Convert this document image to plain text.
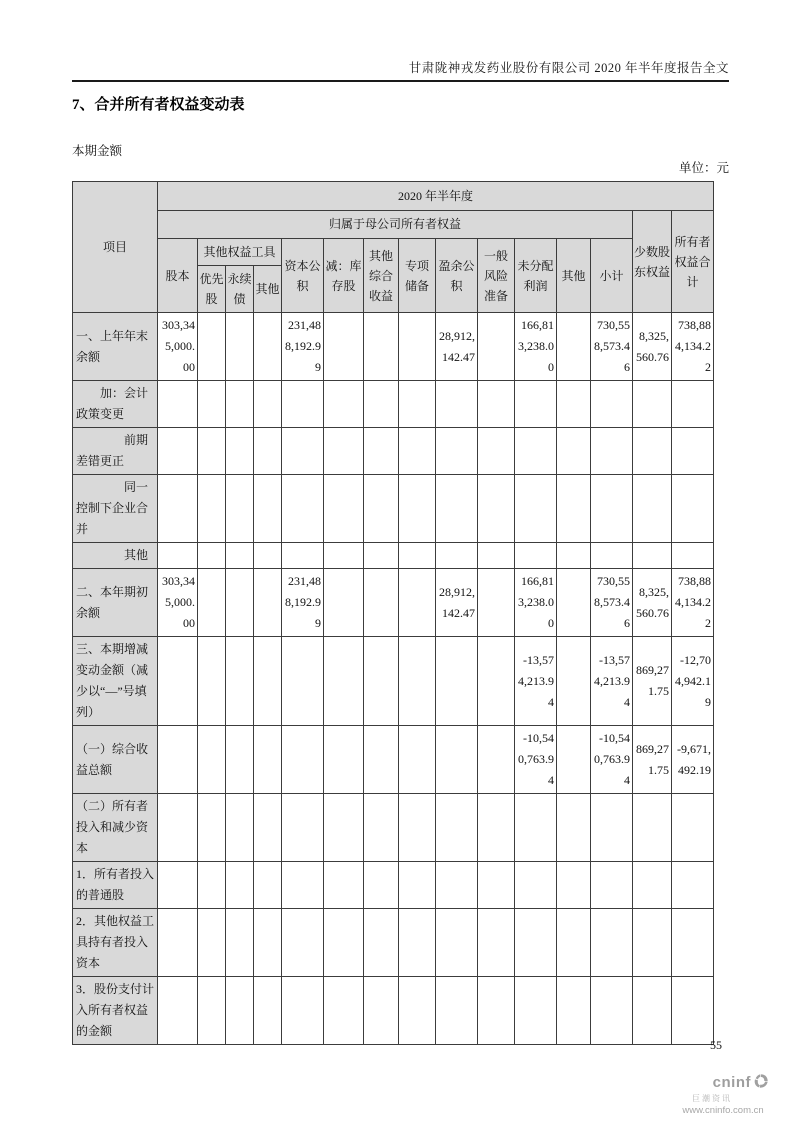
甘肃陇神戎发药业股份有限公司 2020 年半年度报告全文
7、合并所有者权益变动表
本期金额
单位：元
项目	2020 年半年度														
	归属于母公司所有者权益													少数股东权益	所有者权益合计
	股本	其他权益工具			资本公积	减：库存股	其他综合收益	专项储备	盈余公积	一般风险准备	未分配利润	其他	小计		
		优先股	永续债	其他											
一、上年年末余额	303,345,000.00				231,488,192.99				28,912,142.47		166,813,238.00		730,558,573.46	8,325,560.76	738,884,134.22
加：会计政策变更															
前期差错更正															
同一控制下企业合并															
其他															
二、本年期初余额	303,345,000.00				231,488,192.99				28,912,142.47		166,813,238.00		730,558,573.46	8,325,560.76	738,884,134.22
三、本期增减变动金额（减少以“—”号填列）											-13,574,213.94		-13,574,213.94	869,271.75	-12,704,942.19
（一）综合收益总额											-10,540,763.94		-10,540,763.94	869,271.75	-9,671,492.19
（二）所有者投入和减少资本															
1．所有者投入的普通股															
2．其他权益工具持有者投入资本															
3．股份支付计入所有者权益的金额															
55
cninf
巨潮资讯
www.cninfo.com.cn
